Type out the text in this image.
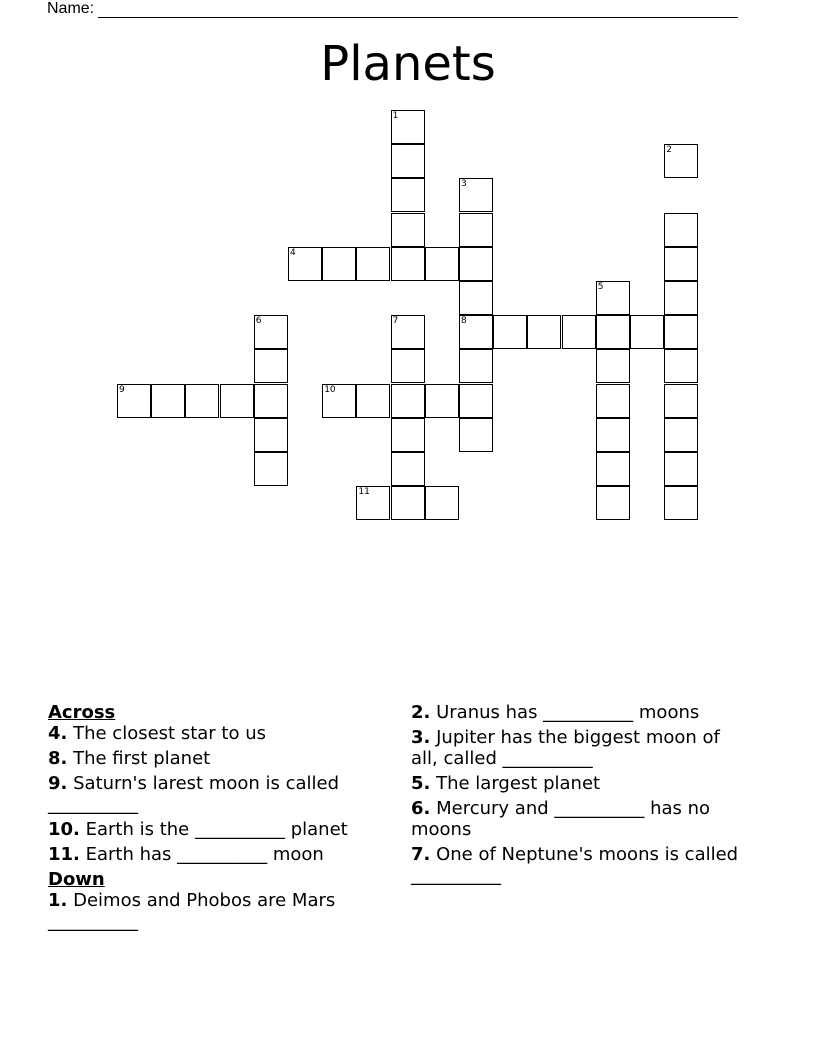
Name:
Planets
1
2
3
4
5
6	7	8
9	10
11
Across
4. The closest star to us
8. The first planet
9. Saturn's larest moon is called __________
10. Earth is the __________ planet
11. Earth has __________ moon
Down
1. Deimos and Phobos are Mars __________
2. Uranus has __________ moons
3. Jupiter has the biggest moon of all, called __________
5. The largest planet
6. Mercury and __________ has no moons
7. One of Neptune's moons is called __________
